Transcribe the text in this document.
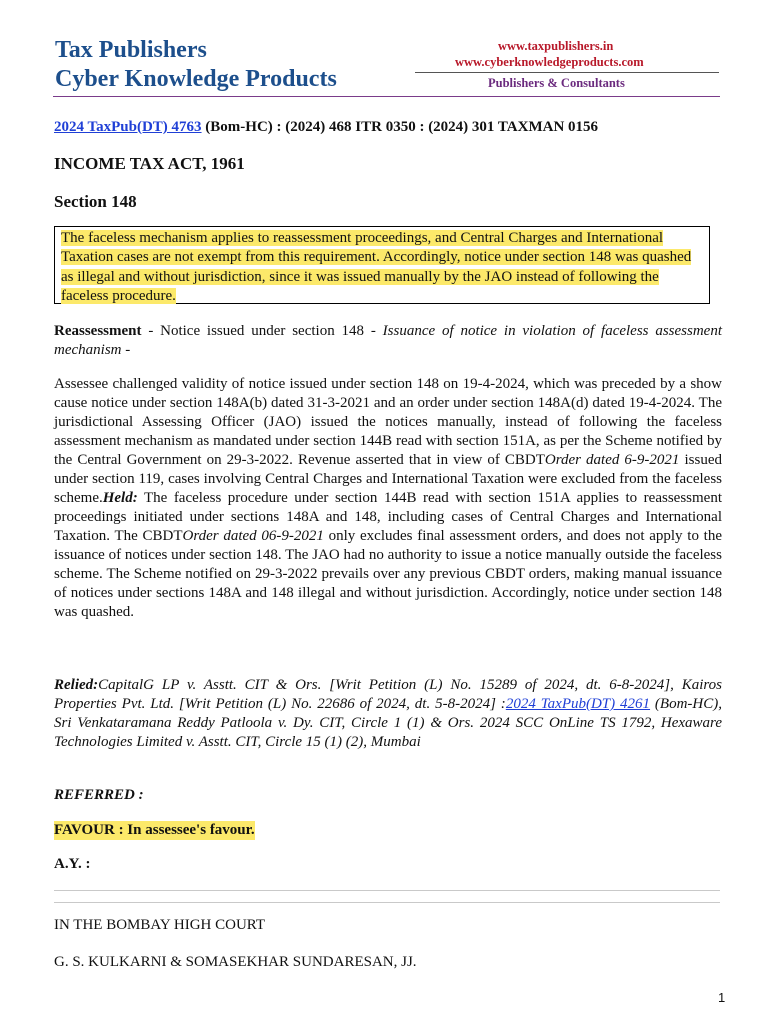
Tax Publishers
Cyber Knowledge Products
www.taxpublishers.in
www.cyberknowledgeproducts.com
Publishers & Consultants
2024 TaxPub(DT) 4763 (Bom-HC) : (2024) 468 ITR 0350 : (2024) 301 TAXMAN 0156
INCOME TAX ACT, 1961
Section 148

The faceless mechanism applies to reassessment proceedings, and Central Charges and International Taxation cases are not exempt from this requirement. Accordingly, notice under section 148 was quashed as illegal and without jurisdiction, since it was issued manually by the JAO instead of following the faceless procedure.

Reassessment - Notice issued under section 148 - Issuance of notice in violation of faceless assessment mechanism -

Assessee challenged validity of notice issued under section 148 on 19-4-2024, which was preceded by a show cause notice under section 148A(b) dated 31-3-2021 and an order under section 148A(d) dated 19-4-2024. The jurisdictional Assessing Officer (JAO) issued the notices manually, instead of following the faceless assessment mechanism as mandated under section 144B read with section 151A, as per the Scheme notified by the Central Government on 29-3-2022. Revenue asserted that in view of CBDTOrder dated 6-9-2021 issued under section 119, cases involving Central Charges and International Taxation were excluded from the faceless scheme.Held: The faceless procedure under section 144B read with section 151A applies to reassessment proceedings initiated under sections 148A and 148, including cases of Central Charges and International Taxation. The CBDTOrder dated 06-9-2021 only excludes final assessment orders, and does not apply to the issuance of notices under section 148. The JAO had no authority to issue a notice manually outside the faceless scheme. The Scheme notified on 29-3-2022 prevails over any previous CBDT orders, making manual issuance of notices under sections 148A and 148 illegal and without jurisdiction. Accordingly, notice under section 148 was quashed.

Relied:CapitalG LP v. Asstt. CIT & Ors. [Writ Petition (L) No. 15289 of 2024, dt. 6-8-2024], Kairos Properties Pvt. Ltd. [Writ Petition (L) No. 22686 of 2024, dt. 5-8-2024] :2024 TaxPub(DT) 4261 (Bom-HC), Sri Venkataramana Reddy Patloola v. Dy. CIT, Circle 1 (1) & Ors. 2024 SCC OnLine TS 1792, Hexaware Technologies Limited v. Asstt. CIT, Circle 15 (1) (2), Mumbai

REFERRED :
FAVOUR : In assessee's favour.
A.Y. :
IN THE BOMBAY HIGH COURT
G. S. KULKARNI & SOMASEKHAR SUNDARESAN, JJ.
1
